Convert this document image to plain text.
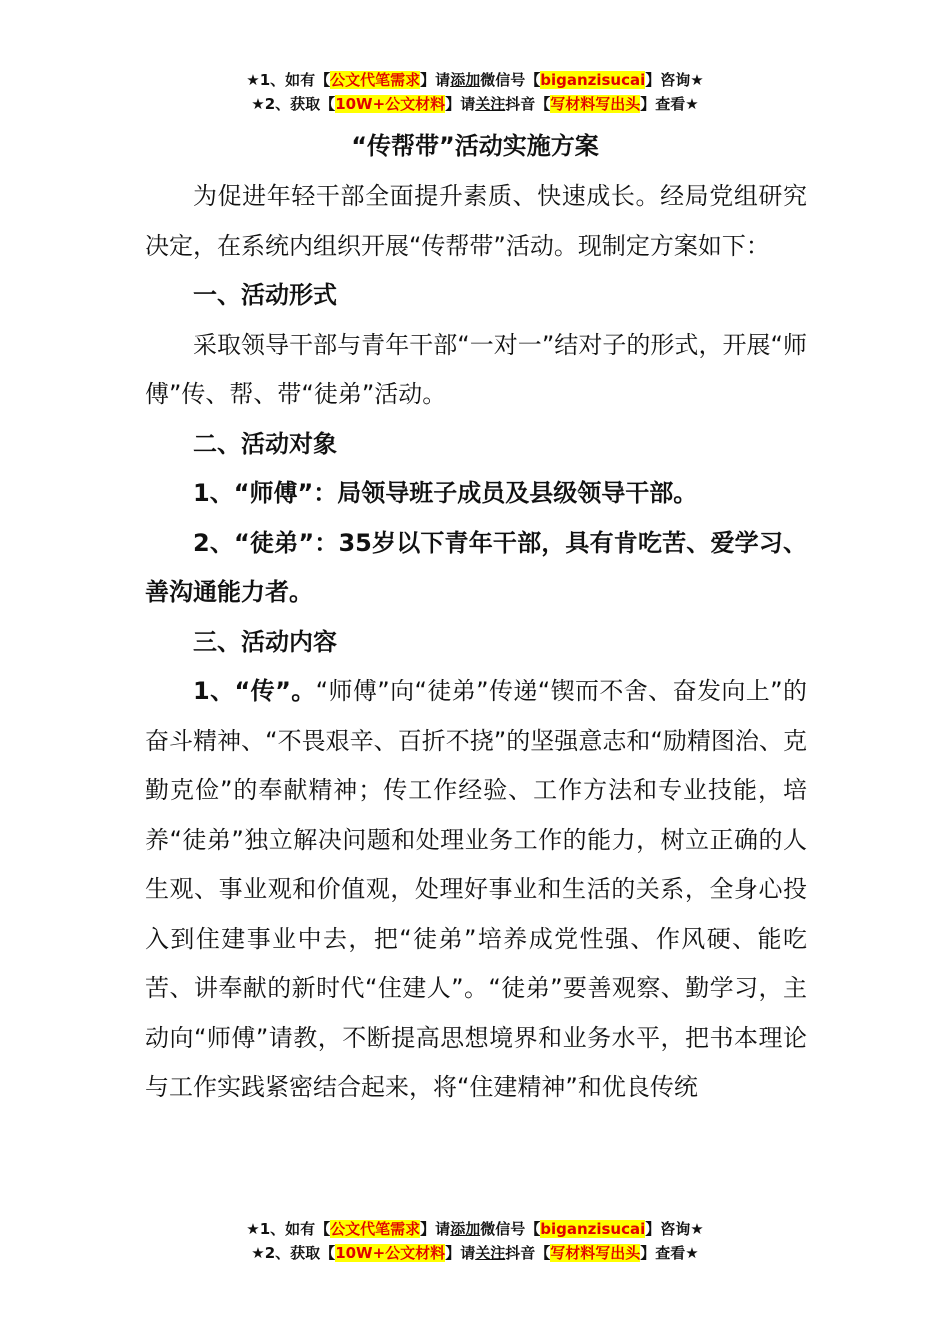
★1、如有【公文代笔需求】请添加微信号【biganzisucai】咨询★
★2、获取【10W+公文材料】请关注抖音【写材料写出头】查看★
“传帮带”活动实施方案

为促进年轻干部全面提升素质、快速成长。经局党组研究决定，在系统内组织开展“传帮带”活动。现制定方案如下：

一、活动形式

采取领导干部与青年干部“一对一”结对子的形式，开展“师傅”传、帮、带“徒弟”活动。

二、活动对象

1、“师傅”：局领导班子成员及县级领导干部。

2、“徒弟”：35岁以下青年干部，具有肯吃苦、爱学习、善沟通能力者。

三、活动内容

1、“传”。“师傅”向“徒弟”传递“锲而不舍、奋发向上”的奋斗精神、“不畏艰辛、百折不挠”的坚强意志和“励精图治、克勤克俭”的奉献精神；传工作经验、工作方法和专业技能，培养“徒弟”独立解决问题和处理业务工作的能力，树立正确的人生观、事业观和价值观，处理好事业和生活的关系，全身心投入到住建事业中去，把“徒弟”培养成党性强、作风硬、能吃苦、讲奉献的新时代“住建人”。“徒弟”要善观察、勤学习，主动向“师傅”请教，不断提高思想境界和业务水平，把书本理论与工作实践紧密结合起来，将“住建精神”和优良传统

★1、如有【公文代笔需求】请添加微信号【biganzisucai】咨询★
★2、获取【10W+公文材料】请关注抖音【写材料写出头】查看★
